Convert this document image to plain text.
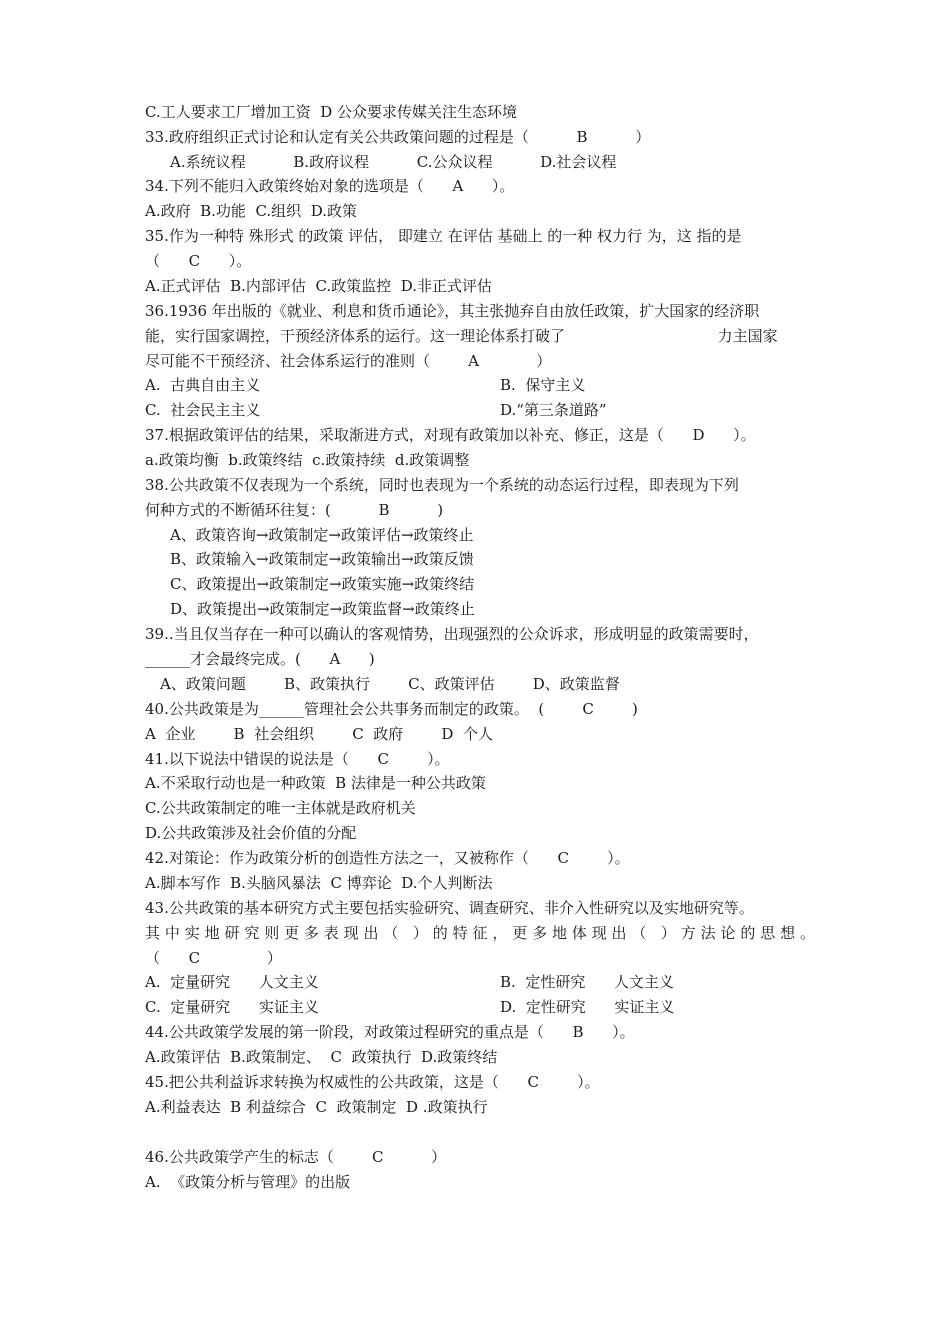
C.工人要求工厂增加工资  D 公众要求传媒关注生态环境
33.政府组织正式讨论和认定有关公共政策问题的过程是（          B          ）
A.系统议程          B.政府议程          C.公众议程          D.社会议程
34.下列不能归入政策终始对象的选项是（      A      ）。
A.政府  B.功能  C.组织  D.政策
35.作为一种特 殊形式 的政策 评估， 即建立 在评估 基础上 的一种 权力行 为，这 指的是
（      C      ）。
A.正式评估  B.内部评估  C.政策监控  D.非正式评估
36.1936 年出版的《就业、利息和货币通论》，其主张抛弃自由放任政策，扩大国家的经济职
能，实行国家调控，干预经济体系的运行。这一理论体系打破了                                力主国家
尽可能不干预经济、社会体系运行的准则（        A            ）
A.  古典自由主义	B.  保守主义
C.  社会民主主义	D.“第三条道路”
37.根据政策评估的结果，采取渐进方式，对现有政策加以补充、修正，这是（      D      ）。
a.政策均衡  b.政策终结  c.政策持续  d.政策调整
38.公共政策不仅表现为一个系统，同时也表现为一个系统的动态运行过程，即表现为下列
何种方式的不断循环往复：(          B          )
A、政策咨询→政策制定→政策评估→政策终止
B、政策输入→政策制定→政策输出→政策反馈
C、政策提出→政策制定→政策实施→政策终结
D、政策提出→政策制定→政策监督→政策终止
39..当且仅当存在一种可以确认的客观情势，出现强烈的公众诉求，形成明显的政策需要时，
______才会最终完成。(      A      )
A、政策问题        B、政策执行        C、政策评估        D、政策监督
40.公共政策是为______管理社会公共事务而制定的政策。  (        C        )
A  企业        B  社会组织        C  政府        D  个人
41.以下说法中错误的说法是（      C        ）。
A.不采取行动也是一种政策  B 法律是一种公共政策
C.公共政策制定的唯一主体就是政府机关
D.公共政策涉及社会价值的分配
42.对策论：作为政策分析的创造性方法之一，又被称作（      C        ）。
A.脚本写作  B.头脑风暴法  C 博弈论  D.个人判断法
43.公共政策的基本研究方式主要包括实验研究、调查研究、非介入性研究以及实地研究等。
其中实地研究则更多表现出（ ）的特征，更多地体现出（ ）方法论的思想。
（      C              ）
A.  定量研究      人文主义	B.  定性研究      人文主义
C.  定量研究      实证主义	D.  定性研究      实证主义
44.公共政策学发展的第一阶段，对政策过程研究的重点是（      B      ）。
A.政策评估  B.政策制定、  C  政策执行  D.政策终结
45.把公共利益诉求转换为权威性的公共政策，这是（      C        ）。
A.利益表达  B 利益综合  C  政策制定  D .政策执行
46.公共政策学产生的标志（        C          ）
A.  《政策分析与管理》的出版
